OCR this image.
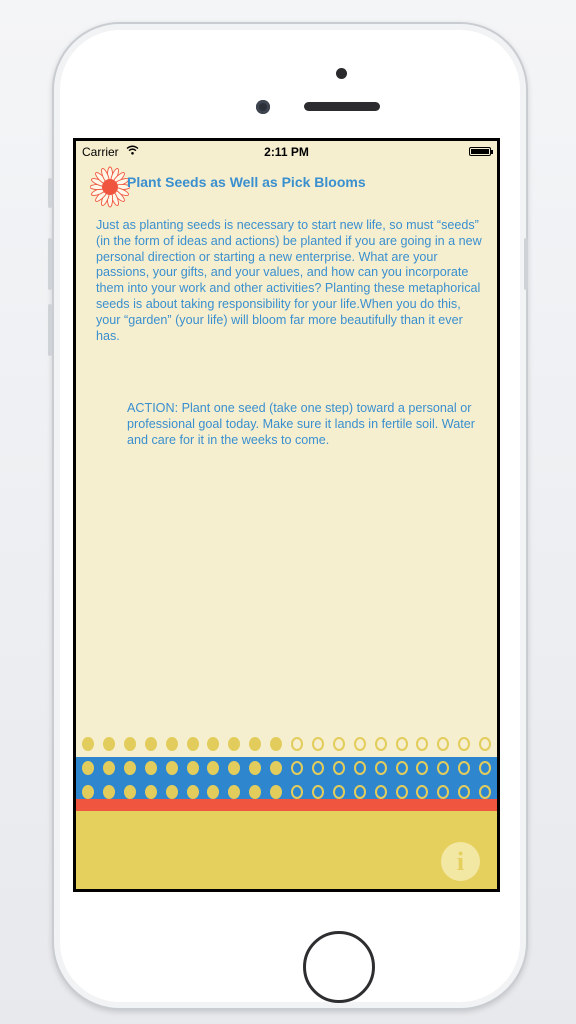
Carrier	2:11 PM
Plant Seeds as Well as Pick Blooms
Just as planting seeds is necessary to start new life, so must “seeds” (in the form of ideas and actions) be planted if you are going in a new personal direction or starting a new enterprise. What are your passions, your gifts, and your values, and how can you incorporate them into your work and other activities? Planting these metaphorical seeds is about taking responsibility for your life.When you do this, your “garden” (your life) will bloom far more beautifully than it ever has.
ACTION: Plant one seed (take one step) toward a personal or professional goal today. Make sure it lands in fertile soil. Water and care for it in the weeks to come.
i
